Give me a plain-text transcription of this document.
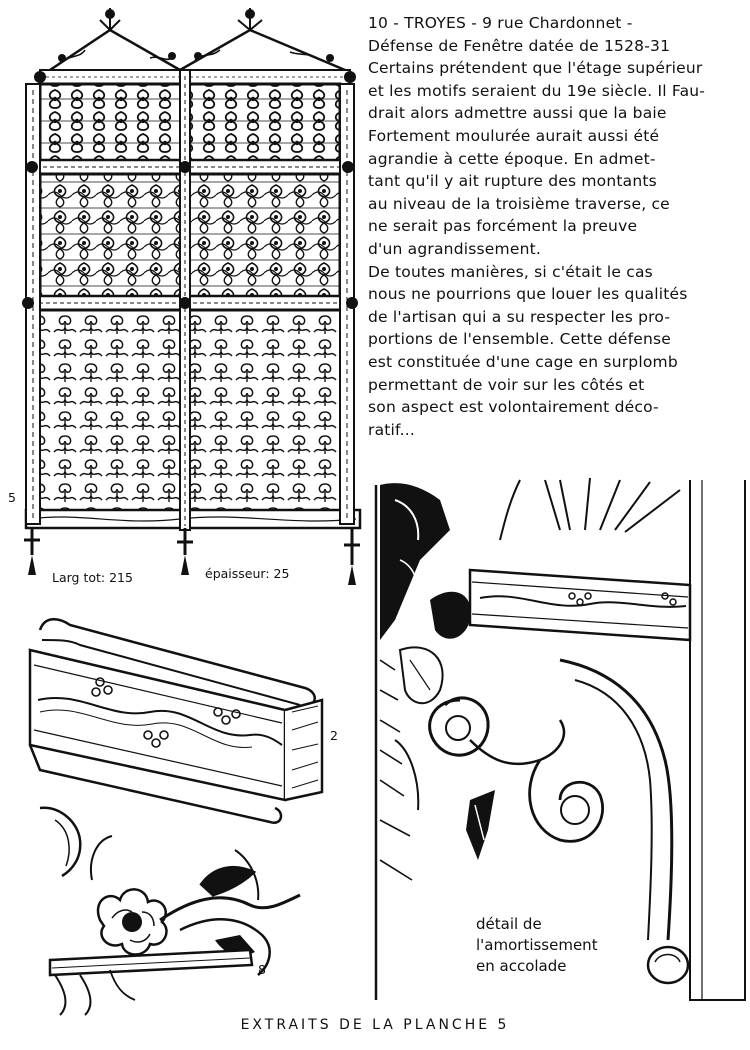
10 - TROYES - 9 rue Chardonnet -
Défense de Fenêtre datée de 1528-31
Certains prétendent que l'étage supérieur
et les motifs seraient du 19e siècle. Il Fau-
drait alors admettre aussi que la baie
Fortement moulurée aurait aussi été
agrandie à cette époque. En admet-
tant qu'il y ait rupture des montants
au niveau de la troisième traverse, ce
ne serait pas forcément la preuve
d'un agrandissement.
De toutes manières, si c'était le cas
nous ne pourrions que louer les qualités
de l'artisan qui a su respecter les pro-
portions de l'ensemble. Cette défense
est constituée d'une cage en surplomb
permettant de voir sur les côtés et
son aspect est volontairement déco-
ratif...
5
Larg tot: 215	épaisseur: 25
2
8
détail de
l'amortissement
en accolade
EXTRAITS DE LA PLANCHE 5
